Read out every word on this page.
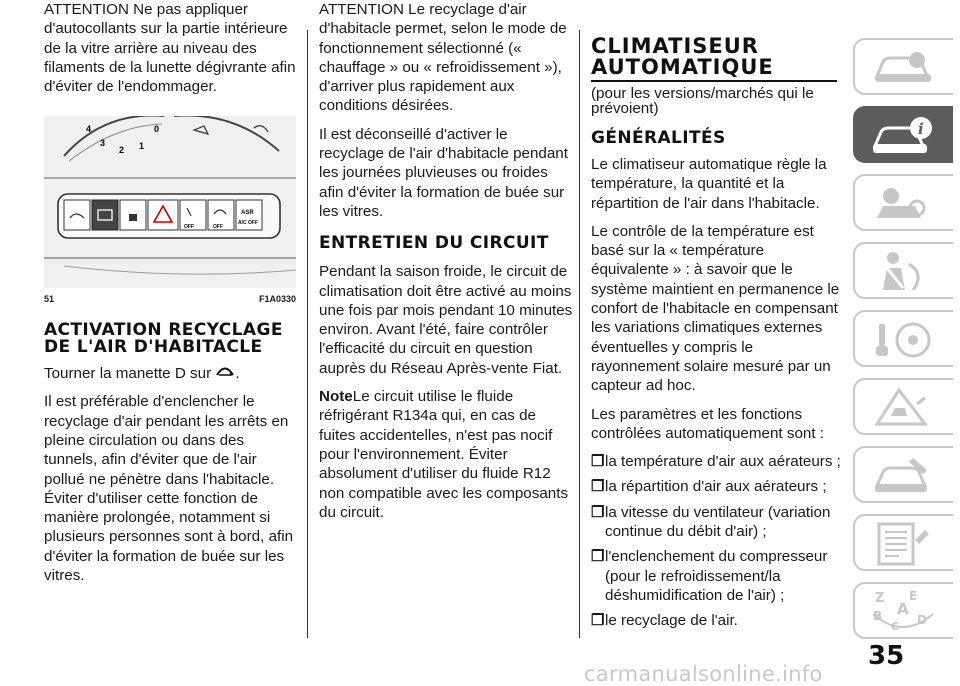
ATTENTION Ne pas appliquer d'autocollants sur la partie intérieure de la vitre arrière au niveau des filaments de la lunette dégivrante afin d'éviter de l'endommager.

4
3
2 1
0
OFF	OFF
ASR
A/C OFF
51	F1A0330
ACTIVATION RECYCLAGE
DE L'AIR D'HABITACLE

Tourner la manette D sur .

Il est préférable d'enclencher le recyclage d'air pendant les arrêts en pleine circulation ou dans des tunnels, afin d'éviter que de l'air pollué ne pénètre dans l'habitacle. Éviter d'utiliser cette fonction de manière prolongée, notamment si plusieurs personnes sont à bord, afin d'éviter la formation de buée sur les vitres.

ATTENTION Le recyclage d'air d'habitacle permet, selon le mode de fonctionnement sélectionné (« chauffage » ou « refroidissement »), d'arriver plus rapidement aux conditions désirées.

Il est déconseillé d'activer le recyclage de l'air d'habitacle pendant les journées pluvieuses ou froides afin d'éviter la formation de buée sur les vitres.

ENTRETIEN DU CIRCUIT

Pendant la saison froide, le circuit de climatisation doit être activé au moins une fois par mois pendant 10 minutes environ. Avant l'été, faire contrôler l'efficacité du circuit en question auprès du Réseau Après-vente Fiat.

NoteLe circuit utilise le fluide réfrigérant R134a qui, en cas de fuites accidentelles, n'est pas nocif pour l'environnement. Éviter absolument d'utiliser du fluide R12 non compatible avec les composants du circuit.

CLIMATISEUR
AUTOMATIQUE

(pour les versions/marchés qui le prévoient)

GÉNÉRALITÉS

Le climatiseur automatique règle la température, la quantité et la répartition de l'air dans l'habitacle.

Le contrôle de la température est basé sur la « température équivalente » : à savoir que le système maintient en permanence le confort de l'habitacle en compensant les variations climatiques externes éventuelles y compris le rayonnement solaire mesuré par un capteur ad hoc.

Les paramètres et les fonctions contrôlées automatiquement sont :

❒ la température d'air aux aérateurs ;
❒ la répartition d'air aux aérateurs ;
❒ la vitesse du ventilateur (variation continue du débit d'air) ;
❒ l'enclenchement du compresseur (pour le refroidissement/la déshumidification de l'air) ;
❒ le recyclage de l'air.
i
Z E
A
B	D
C
35
carmanualsonline.info
